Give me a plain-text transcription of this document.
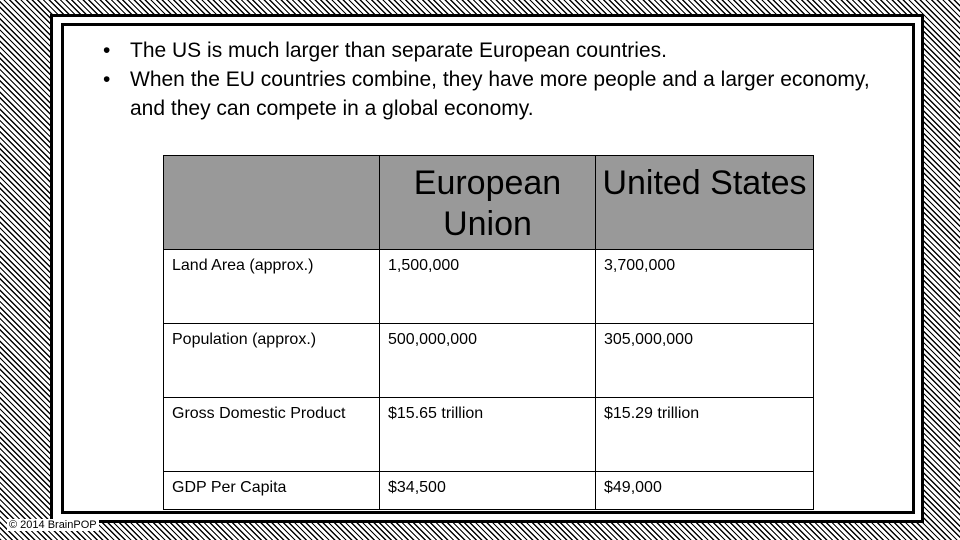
• The US is much larger than separate European countries.
• When the EU countries combine, they have more people and a larger economy, and they can compete in a global economy.
	European Union	United States
Land Area (approx.)	1,500,000	3,700,000
Population (approx.)	500,000,000	305,000,000
Gross Domestic Product	$15.65 trillion	$15.29 trillion
GDP Per Capita	$34,500	$49,000
© 2014 BrainPOP
